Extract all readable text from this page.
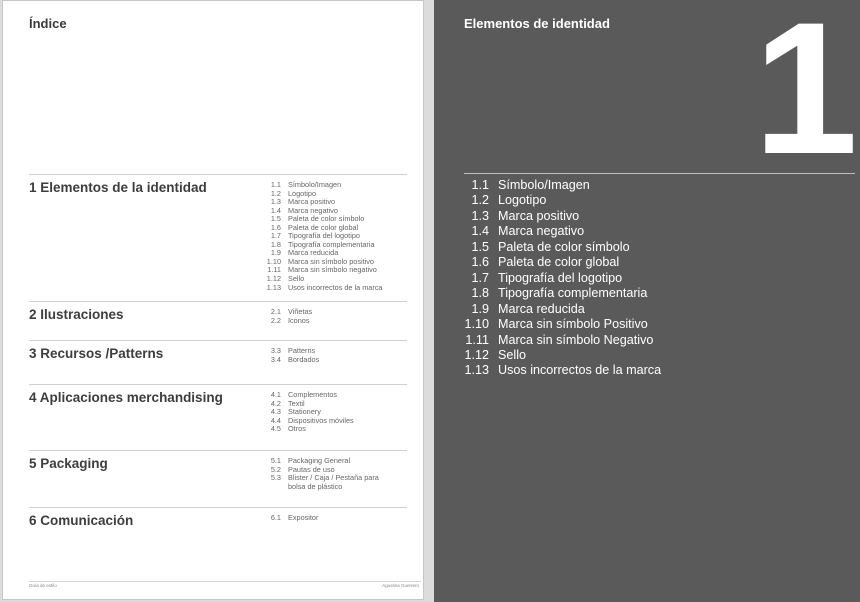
Índice
1 Elementos de la identidad	1.1 Símbolo/Imagen
1.2 Logotipo
1.3 Marca positivo
1.4 Marca negativo
1.5 Paleta de color símbolo
1.6 Paleta de color global
1.7 Tipografía del logotipo
1.8 Tipografía complementaria
1.9 Marca reducida
1.10 Marca sin símbolo positivo
1.11 Marca sin símbolo negativo
1.12 Sello
1.13 Usos incorrectos de la marca
2 Ilustraciones	2.1 Viñetas
2.2 Iconos
3 Recursos /Patterns	3.3 Patterns
3.4 Bordados
4 Aplicaciones merchandising	4.1 Complementos
4.2 Textil
4.3 Stationery
4.4 Dispositivos móviles
4.5 Otros
5 Packaging	5.1 Packaging General
5.2 Pautas de uso
5.3 Blister / Caja / Pestaña para
bolsa de plástico
6 Comunicación	6.1 Expositor
Guía de estilo	Agustina Guerrero
Elementos de identidad 1
1.1 Símbolo/Imagen
1.2 Logotipo
1.3 Marca positivo
1.4 Marca negativo
1.5 Paleta de color símbolo
1.6 Paleta de color global
1.7 Tipografía del logotipo
1.8 Tipografía complementaria
1.9 Marca reducida
1.10 Marca sin símbolo Positivo
1.11 Marca sin símbolo Negativo
1.12 Sello
1.13 Usos incorrectos de la marca
